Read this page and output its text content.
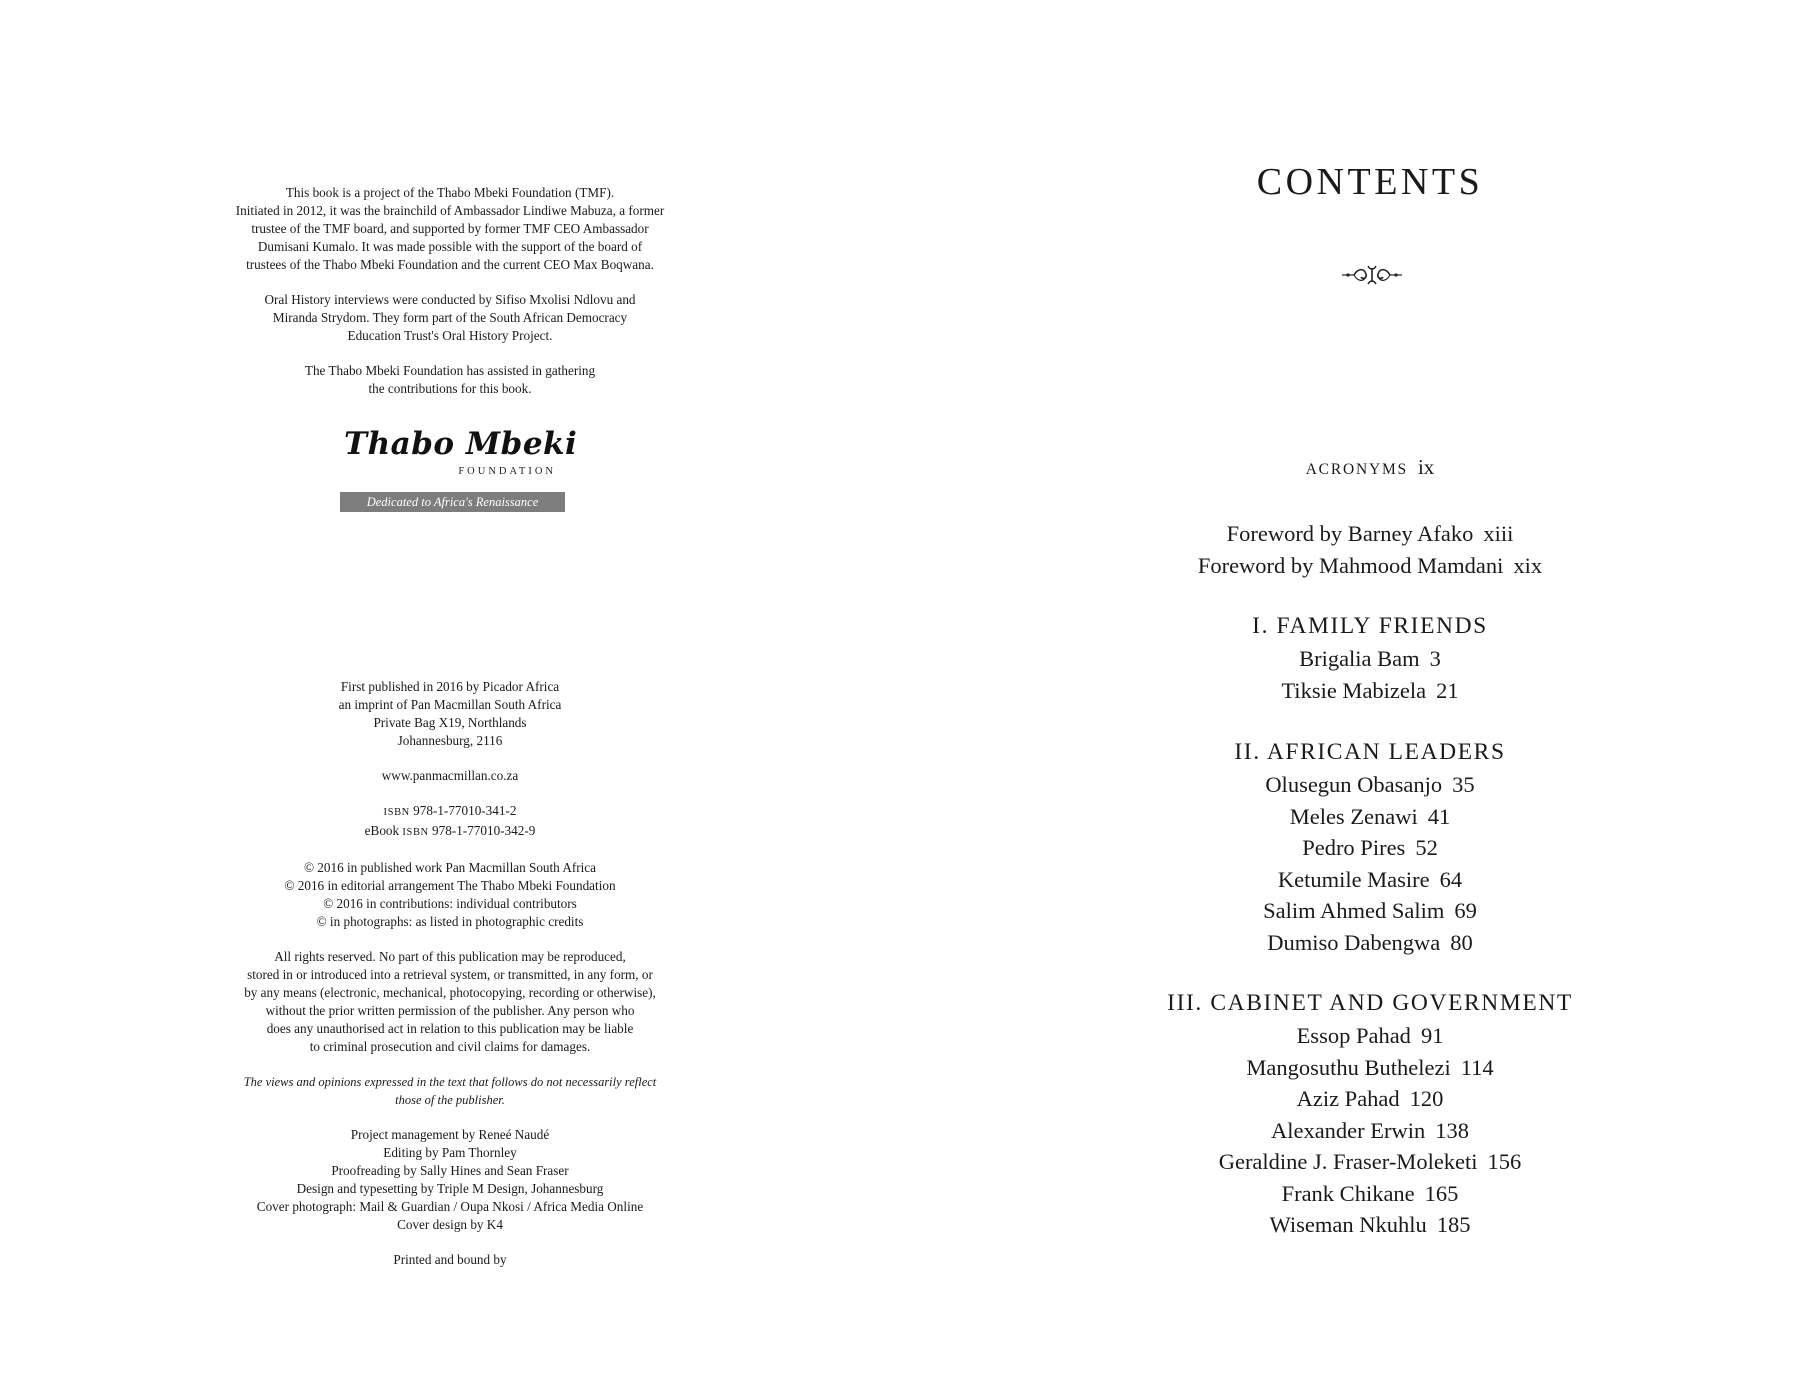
This book is a project of the Thabo Mbeki Foundation (TMF).
Initiated in 2012, it was the brainchild of Ambassador Lindiwe Mabuza, a former
trustee of the TMF board, and supported by former TMF CEO Ambassador
Dumisani Kumalo. It was made possible with the support of the board of
trustees of the Thabo Mbeki Foundation and the current CEO Max Boqwana.

Oral History interviews were conducted by Sifiso Mxolisi Ndlovu and
Miranda Strydom. They form part of the South African Democracy
Education Trust's Oral History Project.

The Thabo Mbeki Foundation has assisted in gathering
the contributions for this book.

Thabo Mbeki
FOUNDATION
Dedicated to Africa's Renaissance

First published in 2016 by Picador Africa
an imprint of Pan Macmillan South Africa
Private Bag X19, Northlands
Johannesburg, 2116

www.panmacmillan.co.za

ISBN 978-1-77010-341-2
eBook ISBN 978-1-77010-342-9

© 2016 in published work Pan Macmillan South Africa
© 2016 in editorial arrangement The Thabo Mbeki Foundation
© 2016 in contributions: individual contributors
© in photographs: as listed in photographic credits

All rights reserved. No part of this publication may be reproduced,
stored in or introduced into a retrieval system, or transmitted, in any form, or
by any means (electronic, mechanical, photocopying, recording or otherwise),
without the prior written permission of the publisher. Any person who
does any unauthorised act in relation to this publication may be liable
to criminal prosecution and civil claims for damages.

The views and opinions expressed in the text that follows do not necessarily reflect
those of the publisher.

Project management by Reneé Naudé
Editing by Pam Thornley
Proofreading by Sally Hines and Sean Fraser
Design and typesetting by Triple M Design, Johannesburg
Cover photograph: Mail & Guardian / Oupa Nkosi / Africa Media Online
Cover design by K4

Printed and bound by

CONTENTS
ACRONYMS ix
Foreword by Barney Afako xiii
Foreword by Mahmood Mamdani xix
I. FAMILY FRIENDS
Brigalia Bam 3
Tiksie Mabizela 21
II. AFRICAN LEADERS
Olusegun Obasanjo 35
Meles Zenawi 41
Pedro Pires 52
Ketumile Masire 64
Salim Ahmed Salim 69
Dumiso Dabengwa 80
III. CABINET AND GOVERNMENT
Essop Pahad 91
Mangosuthu Buthelezi 114
Aziz Pahad 120
Alexander Erwin 138
Geraldine J. Fraser-Moleketi 156
Frank Chikane 165
Wiseman Nkuhlu 185
